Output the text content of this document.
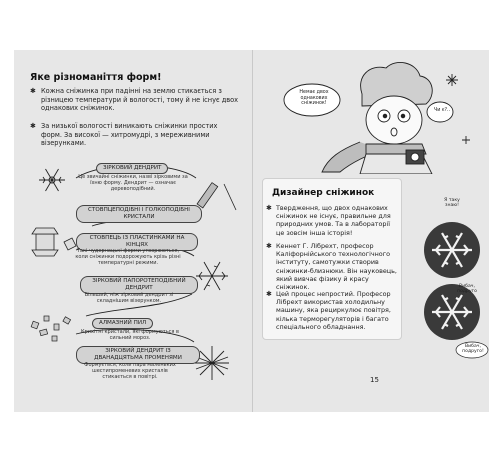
Яке різноманіття форм!
✱ Кожна сніжинка при падінні на землю стикається з різницею температури й вологості, тому й не існує двох однакових сніжинок.
✱ За низької вологості виникають сніжинки простих форм. За високої — хитромудрі, з мереживними візерунками.
ЗІРКОВИЙ ДЕНДРИТ
Це звичайні сніжинки, назві зірковими за їхню форму. Дендрит — означає деревоподібний.
СТОВПЦЕПОДІБНІ І ГОЛКОПОДІБНІ КРИСТАЛИ
СТОВПЕЦЬ ІЗ ПЛАСТИНКАМИ НА КІНЦЯХ
Такі чудернацькі форми утворюються, коли сніжинки подорожують крізь різні температурні режими.
ЗІРКОВИЙ ПАПОРОТЕПОДІБНИЙ ДЕНДРИТ
Більший, ніж зірковий дендрит зі складнішим візерунком.
АЛМАЗНИЙ ПИЛ
Крихітні кристали, які формуються в сильний мороз.
ЗІРКОВИЙ ДЕНДРИТ ІЗ ДВАНАДЦЯТЬМА ПРОМЕНЯМИ
Формується, коли пара маленьких шестипроменевих кристалів стикається в повітрі.
Немає двох однакових сніжинок!
Чи є?..
Дизайнер сніжинок
✱ Твердження, що двох однакових сніжинок не існує, правильне для природних умов. Та в лабораторії це зовсім інша історія!
✱ Кеннет Г. Лібрехт, професор Каліфорнійського технологічного інституту, самотужки створив сніжинки-близнюки. Він науковець, який вивчає фізику й красу сніжинок.
✱ Цей процес непростий. Професор Лібрехт використав холодильну машину, яка рециркулює повітря, кілька терморегуляторів і багато спеціального обладнання.
Я таку знаю!
Вибач, подруго
Вибач, подруго!
15
